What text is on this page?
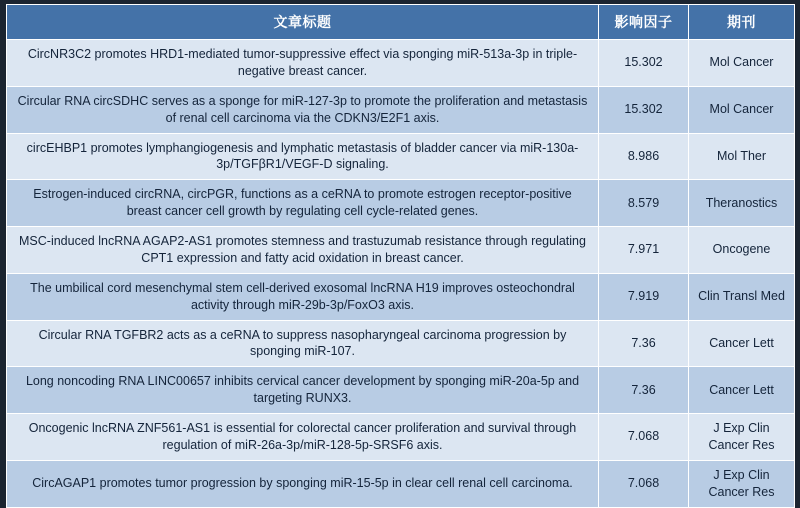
文章标题	影响因子	期刊
CircNR3C2 promotes HRD1-mediated tumor-suppressive effect via sponging miR-513a-3p in triple-negative breast cancer.	15.302	Mol Cancer
Circular RNA circSDHC serves as a sponge for miR-127-3p to promote the proliferation and metastasis of renal cell carcinoma via the CDKN3/E2F1 axis.	15.302	Mol Cancer
circEHBP1 promotes lymphangiogenesis and lymphatic metastasis of bladder cancer via miR-130a-3p/TGFβR1/VEGF-D signaling.	8.986	Mol Ther
Estrogen-induced circRNA, circPGR, functions as a ceRNA to promote estrogen receptor-positive breast cancer cell growth by regulating cell cycle-related genes.	8.579	Theranostics
MSC-induced lncRNA AGAP2-AS1 promotes stemness and trastuzumab resistance through regulating CPT1 expression and fatty acid oxidation in breast cancer.	7.971	Oncogene
The umbilical cord mesenchymal stem cell-derived exosomal lncRNA H19 improves osteochondral activity through miR-29b-3p/FoxO3 axis.	7.919	Clin Transl Med
Circular RNA TGFBR2 acts as a ceRNA to suppress nasopharyngeal carcinoma progression by sponging miR-107.	7.36	Cancer Lett
Long noncoding RNA LINC00657 inhibits cervical cancer development by sponging miR-20a-5p and targeting RUNX3.	7.36	Cancer Lett
Oncogenic lncRNA ZNF561-AS1 is essential for colorectal cancer proliferation and survival through regulation of miR-26a-3p/miR-128-5p-SRSF6 axis.	7.068	J Exp Clin Cancer Res
CircAGAP1 promotes tumor progression by sponging miR-15-5p in clear cell renal cell carcinoma.	7.068	J Exp Clin Cancer Res
